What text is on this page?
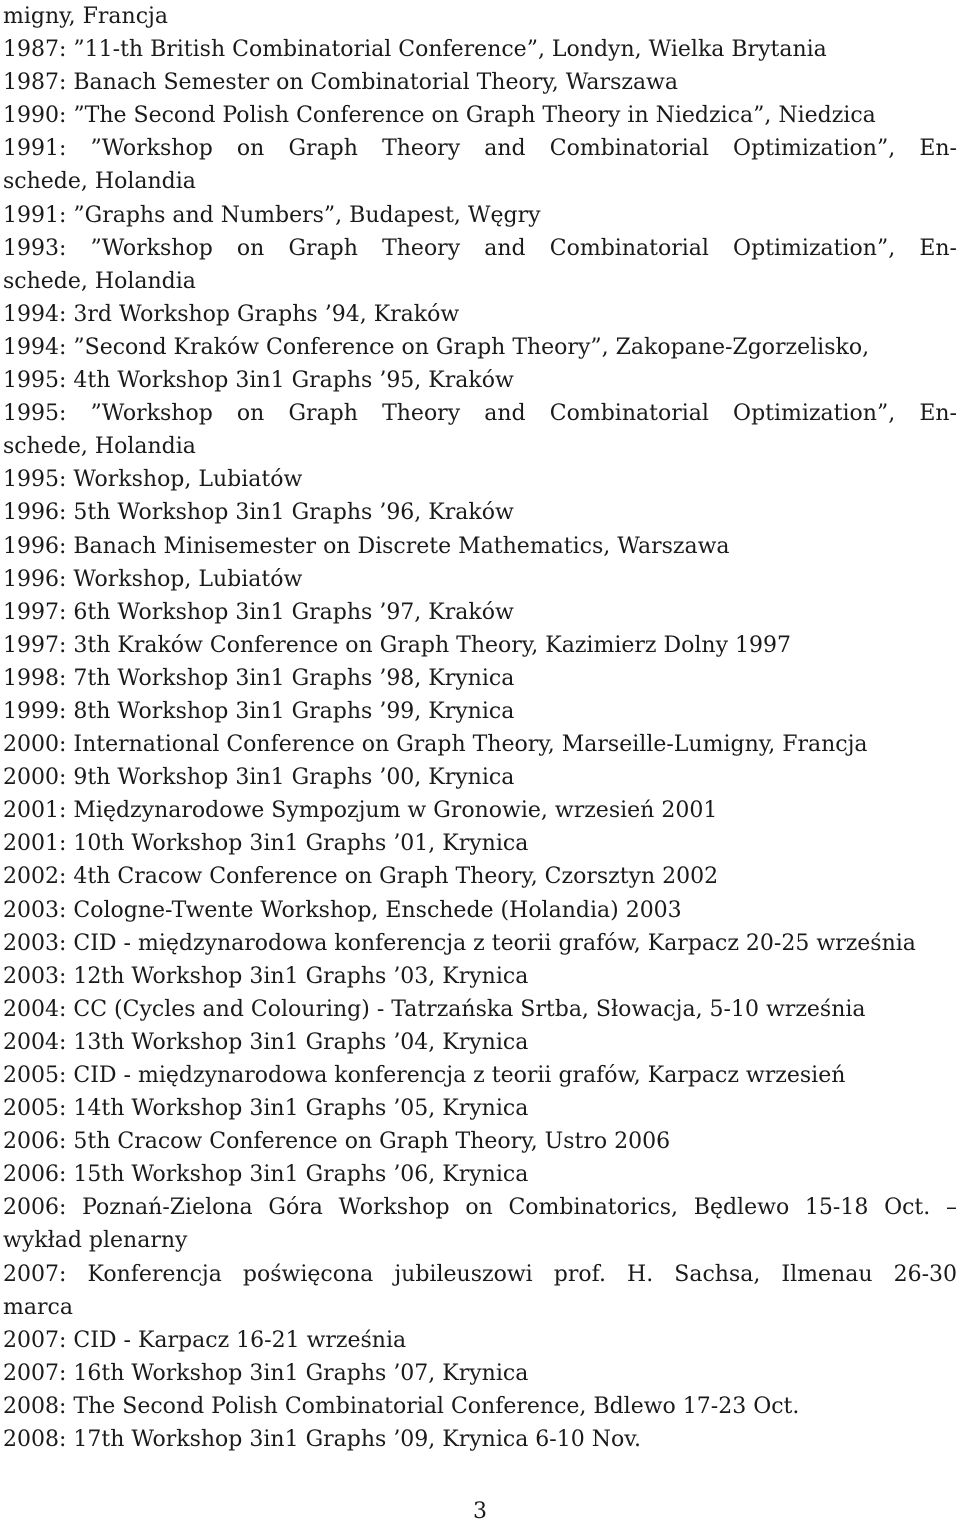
migny, Francja
1987: ”11-th British Combinatorial Conference”, Londyn, Wielka Brytania
1987: Banach Semester on Combinatorial Theory, Warszawa
1990: ”The Second Polish Conference on Graph Theory in Niedzica”, Niedzica
1991: ”Workshop on Graph Theory and Combinatorial Optimization”, En-
schede, Holandia
1991: ”Graphs and Numbers”, Budapest, Węgry
1993: ”Workshop on Graph Theory and Combinatorial Optimization”, En-
schede, Holandia
1994: 3rd Workshop Graphs ’94, Kraków
1994: ”Second Kraków Conference on Graph Theory”, Zakopane-Zgorzelisko,
1995: 4th Workshop 3in1 Graphs ’95, Kraków
1995: ”Workshop on Graph Theory and Combinatorial Optimization”, En-
schede, Holandia
1995: Workshop, Lubiatów
1996: 5th Workshop 3in1 Graphs ’96, Kraków
1996: Banach Minisemester on Discrete Mathematics, Warszawa
1996: Workshop, Lubiatów
1997: 6th Workshop 3in1 Graphs ’97, Kraków
1997: 3th Kraków Conference on Graph Theory, Kazimierz Dolny 1997
1998: 7th Workshop 3in1 Graphs ’98, Krynica
1999: 8th Workshop 3in1 Graphs ’99, Krynica
2000: International Conference on Graph Theory, Marseille-Lumigny, Francja
2000: 9th Workshop 3in1 Graphs ’00, Krynica
2001: Międzynarodowe Sympozjum w Gronowie, wrzesień 2001
2001: 10th Workshop 3in1 Graphs ’01, Krynica
2002: 4th Cracow Conference on Graph Theory, Czorsztyn 2002
2003: Cologne-Twente Workshop, Enschede (Holandia) 2003
2003: CID - międzynarodowa konferencja z teorii grafów, Karpacz 20-25 września
2003: 12th Workshop 3in1 Graphs ’03, Krynica
2004: CC (Cycles and Colouring) - Tatrzańska Srtba, Słowacja, 5-10 września
2004: 13th Workshop 3in1 Graphs ’04, Krynica
2005: CID - międzynarodowa konferencja z teorii grafów, Karpacz wrzesień
2005: 14th Workshop 3in1 Graphs ’05, Krynica
2006: 5th Cracow Conference on Graph Theory, Ustro 2006
2006: 15th Workshop 3in1 Graphs ’06, Krynica
2006: Poznań-Zielona Góra Workshop on Combinatorics, Będlewo 15-18 Oct. –
wykład plenarny
2007: Konferencja poświęcona jubileuszowi prof. H. Sachsa, Ilmenau 26-30
marca
2007: CID - Karpacz 16-21 września
2007: 16th Workshop 3in1 Graphs ’07, Krynica
2008: The Second Polish Combinatorial Conference, Bdlewo 17-23 Oct.
2008: 17th Workshop 3in1 Graphs ’09, Krynica 6-10 Nov.
3
